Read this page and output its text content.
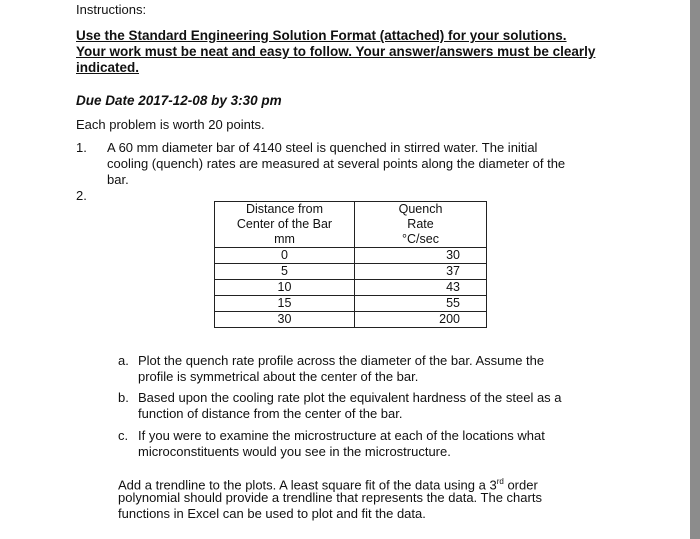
Instructions:
Use the Standard Engineering Solution Format (attached) for your solutions.
Your work must be neat and easy to follow. Your answer/answers must be clearly
indicated.
Due Date 2017-12-08 by 3:30 pm
Each problem is worth 20 points.
1. A 60 mm diameter bar of 4140 steel is quenched in stirred water. The initial
cooling (quench) rates are measured at several points along the diameter of the
bar.
2.
Distance from	Quench
Center of the Bar	Rate
mm	°C/sec
0	30
5	37
10	43
15	55
30	200
a. Plot the quench rate profile across the diameter of the bar. Assume the
profile is symmetrical about the center of the bar.
b. Based upon the cooling rate plot the equivalent hardness of the steel as a
function of distance from the center of the bar.
c. If you were to examine the microstructure at each of the locations what
microconstituents would you see in the microstructure.
Add a trendline to the plots. A least square fit of the data using a 3rd order
polynomial should provide a trendline that represents the data. The charts
functions in Excel can be used to plot and fit the data.
